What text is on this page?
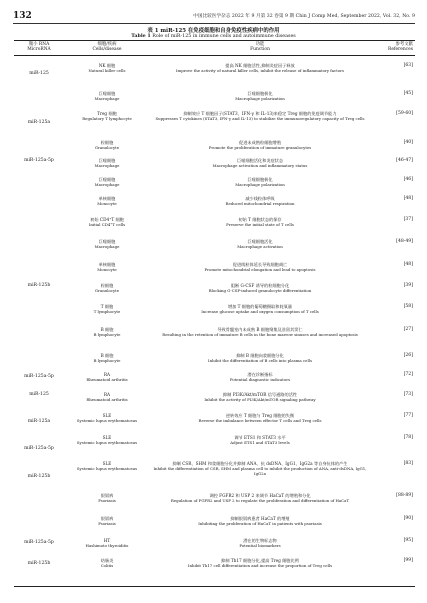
132	中国比较医学杂志 2022 年 9 月第 32 卷第 9 期 Chin J Comp Med, September 2022, Vol. 32, No. 9
表 1 miR-125 在免疫细胞和自身免疫性疾病中的作用
Table 1 Role of miR-125 in immune cells and autoimmune diseases
微小 RNA
MicroRNA
细胞/疾病
Cells/disease
功能
Function
参考文献
References
NK 细胞
Natural killer cells
提高 NK 细胞活性,抑制炎症因子释放
Improve the activity of natural killer cells, inhibit the release of inflammatory factors
[63]
巨噬细胞
Macrophage
巨噬细胞极化
Macrophage polarization
[45]
Treg 细胞
Regulatory T lymphocyte
抑制效应 T 细胞因子(STAT3、IFN-γ 和 IL-13)来稳定 Treg 细胞的免疫调节能力
Suppresses T cytokines (STAT3, IFN-γ and IL-13) to stabilize the immunoregulatory capacity of Treg cells
[59-60]
粒细胞
Granulocyte
促进未成熟粒细胞增殖
Promote the proliferation of immature granulocytes
[40]
巨噬细胞
Macrophage
巨噬细胞活化和炎症状态
Macrophage activation and inflammatory status
[46-47]
巨噬细胞
Macrophage
巨噬细胞极化
Macrophage polarization
[46]
单核细胞
Monocyte
减少线粒体呼吸
Reduced mitochondrial respiration
[48]
初始 CD4⁺T 细胞
Initial CD4⁺T cells
初始 T 细胞状态的保存
Preserve the initial state of T cells
[37]
巨噬细胞
Macrophage
巨噬细胞活化
Macrophage activation
[48-49]
单核细胞
Monocyte
促进线粒体延长导致细胞凋亡
Promote mitochondrial elongation and lead to apoptosis
[48]
粒细胞
Granulocyte
阻断 G-CSF 诱导的粒细胞分化
Blocking G-CSF-induced granulocyte differentiation
[39]
T 细胞
T lymphocyte
增加 T 细胞的葡萄糖摄取和耗氧量
Increase glucose uptake and oxygen consumption of T cells
[58]
B 细胞
B lymphocyte
导致骨髓室内未成熟 B 细胞聚集及驻留其窦仁
Resulting in the retention of immature B cells in the bone marrow sinuses and increased apoptosis
[27]
B 细胞
B lymphocyte
抑制 B 细胞向浆细胞分化
Inhibit the differentiation of B cells into plasma cells
[26]
RA
Rheumatoid arthritis
潜在诊断指标
Potential diagnostic indicators
[72]
RA
Rheumatoid arthritis
抑制 PI3K/Akt/mTOR 信号通路的活性
Inhibit the activity of PI3K/Akt/mTOR signaling pathway
[73]
SLE
Systemic lupus erythematosus
逆转效应 T 细胞与 Treg 细胞的失衡
Reverse the imbalance between effector T cells and Treg cells
[77]
SLE
Systemic lupus erythematosus
调节 ETS1 和 STAT3 水平
Adjust ETS1 and STAT3 levels
[78]
SLE
Systemic lupus erythematosus
抑制 CSR、SHM 和浆细胞分化并抑制 ANA、抗 dsDNA、IgG1、IgG2a 等自身抗体的产生
Inhibit the differentiation of CSR, SHM and plasma cell to inhibit the production of ANA, anti-dsDNA, IgG1, IgG2a
[83]
银屑病
Psoriasis
调控 FGFR2 和 USP 2 来调节 HaCaT 的增殖和分化
Regulation of FGFR2 and USP 2 to regulate the proliferation and differentiation of HaCaT
[88-89]
银屑病
Psoriasis
抑制银屑病患者 HaCaT 的增殖
Inhibiting the proliferation of HaCaT in patients with psoriasis
[90]
HT
Hashimoto thyroiditis
潜在的生物标志物
Potential biomarkers
[95]
结肠炎
Colitis
抑制 Th17 细胞分化,提高 Treg 细胞比例
Inhibit Th17 cell differentiation and increase the proportion of Treg cells
[99]
miR-125
miR-125a
miR-125a-5p
miR-125b
miR-125a-5p
miR-125
miR-125a
miR-125a-5p
miR-125b
miR-125a-5p
miR-125b
